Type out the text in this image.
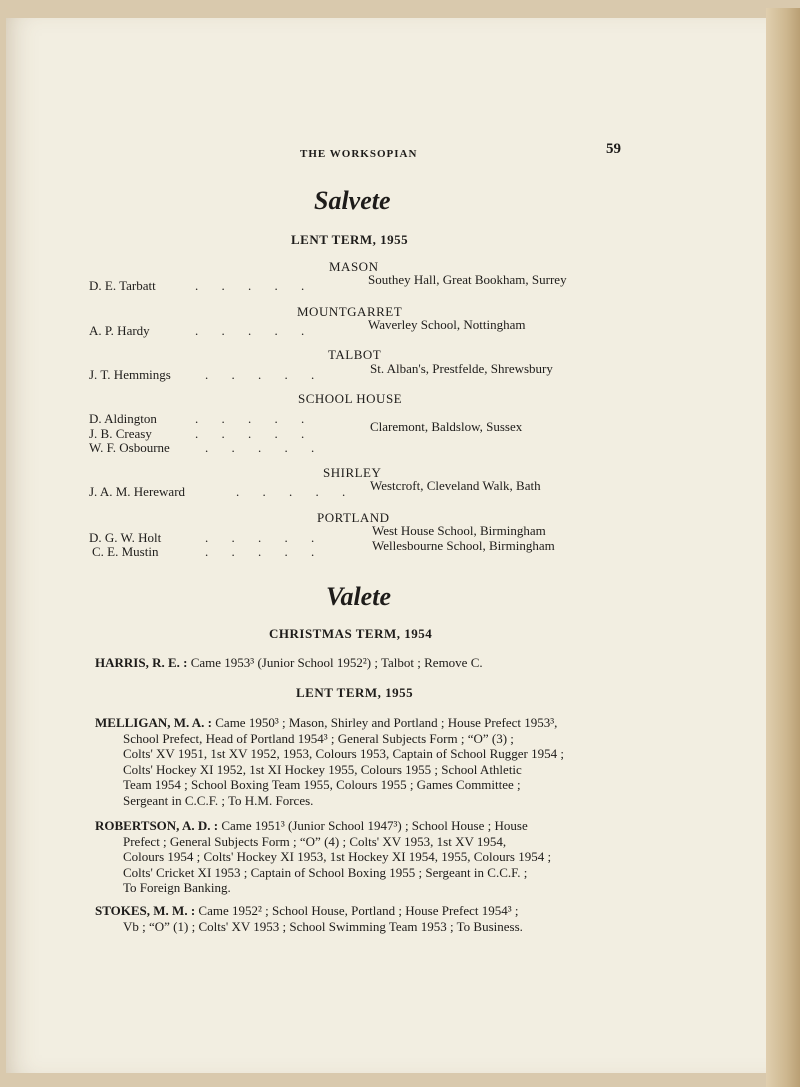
THE WORKSOPIAN	59
Salvete
LENT TERM, 1955
MASON
D. E. Tarbatt	. . . . .	Southey Hall, Great Bookham, Surrey
MOUNTGARRET
A. P. Hardy	. . . . .	Waverley School, Nottingham
TALBOT
J. T. Hemmings	. . . . .	St. Alban's, Prestfelde, Shrewsbury
SCHOOL HOUSE
D. Aldington	. . . . .
J. B. Creasy	. . . . .	Claremont, Baldslow, Sussex
W. F. Osbourne	. . . . .
SHIRLEY
J. A. M. Hereward	. . . . . Westcroft, Cleveland Walk, Bath
PORTLAND
D. G. W. Holt	. . . . .	West House School, Birmingham
C. E. Mustin	. . . . .	Wellesbourne School, Birmingham
Valete
CHRISTMAS TERM, 1954
HARRIS, R. E. : Came 1953³ (Junior School 1952²) ; Talbot ; Remove C.
LENT TERM, 1955
MELLIGAN, M. A. : Came 1950³ ; Mason, Shirley and Portland ; House Prefect 1953³,
School Prefect, Head of Portland 1954³ ; General Subjects Form ; “O” (3) ;
Colts' XV 1951, 1st XV 1952, 1953, Colours 1953, Captain of School Rugger 1954 ;
Colts' Hockey XI 1952, 1st XI Hockey 1955, Colours 1955 ; School Athletic
Team 1954 ; School Boxing Team 1955, Colours 1955 ; Games Committee ;
Sergeant in C.C.F. ; To H.M. Forces.
ROBERTSON, A. D. : Came 1951³ (Junior School 1947³) ; School House ; House
Prefect ; General Subjects Form ; “O” (4) ; Colts' XV 1953, 1st XV 1954,
Colours 1954 ; Colts' Hockey XI 1953, 1st Hockey XI 1954, 1955, Colours 1954 ;
Colts' Cricket XI 1953 ; Captain of School Boxing 1955 ; Sergeant in C.C.F. ;
To Foreign Banking.
STOKES, M. M. : Came 1952² ; School House, Portland ; House Prefect 1954³ ;
Vb ; “O” (1) ; Colts' XV 1953 ; School Swimming Team 1953 ; To Business.
